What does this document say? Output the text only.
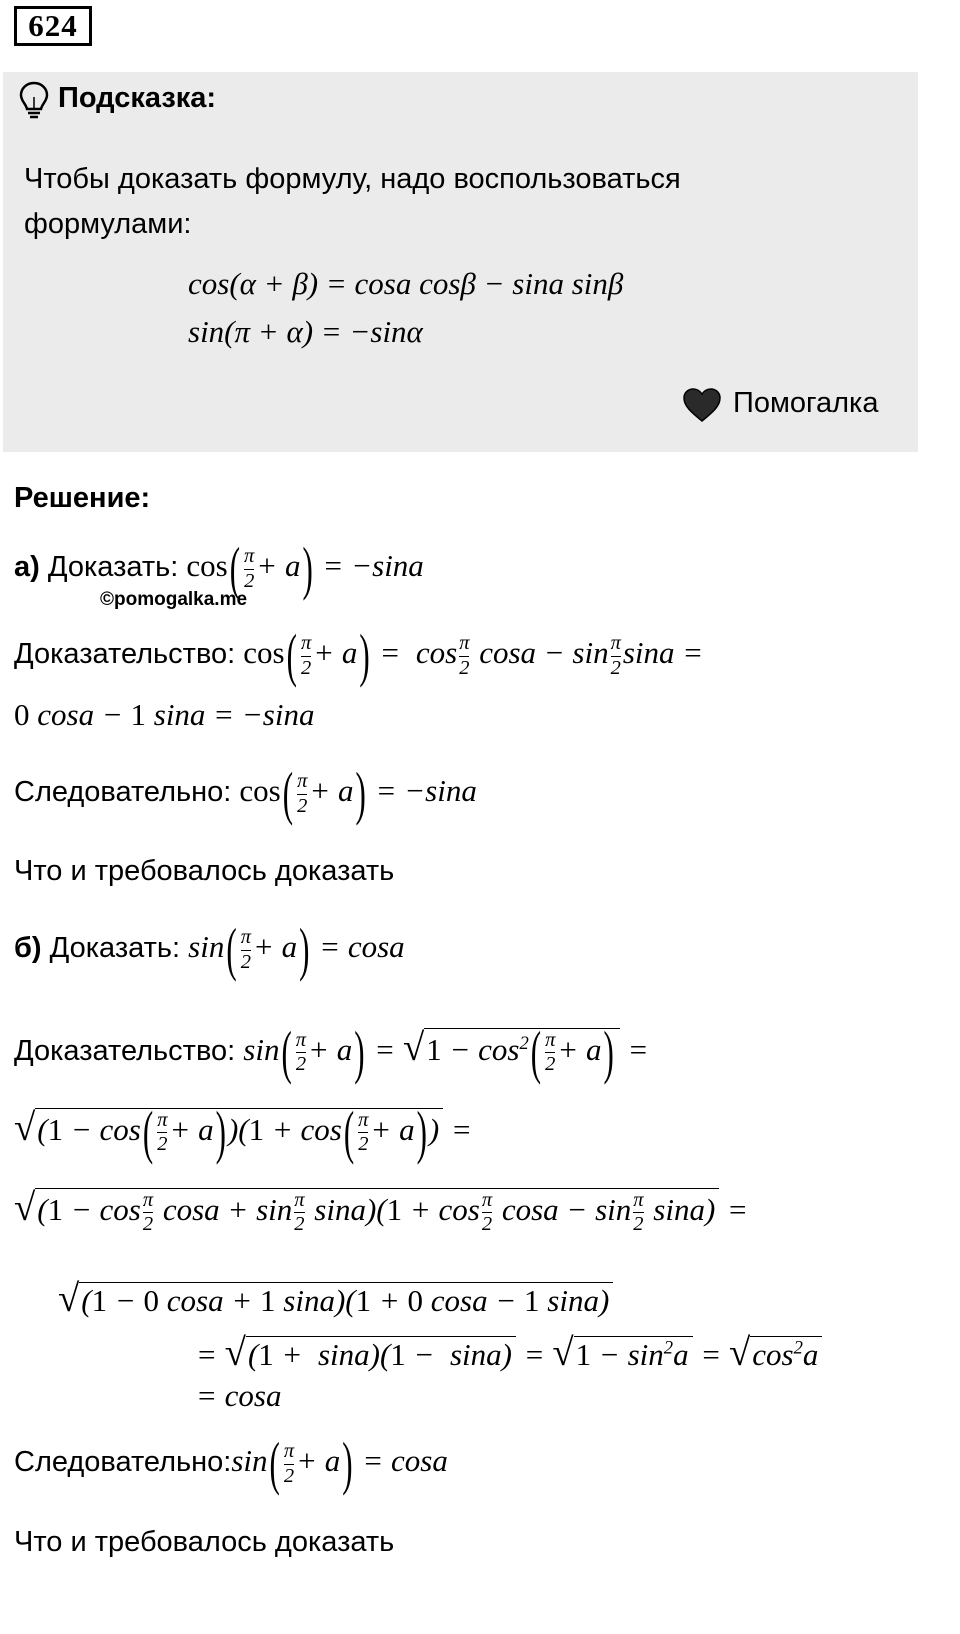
624
Подсказка:
Чтобы доказать формулу, надо воспользоваться
формулами:
cos(α + β) = cosa cosβ − sina sinβ
sin(π + α) = −sinα
Помогалка
Решение:
а) Доказать: $\cos( \frac{\pi}{2} + a) = -\sin a$
©pomogalka.me
Доказательство: $\cos( \frac{\pi}{2} + a) = \cos \frac{\pi}{2}$ $\cos a - \sin \frac{\pi}{2}$ sina =
0 cosa − 1 sina = −sina
Следовательно: $\cos( \frac{\pi}{2} + a) = -\sin a$
Что и требовалось доказать
б) Доказать: $\sin( \frac{\pi}{2} + a) = \cos a$
Доказательство: $\sin( \frac{\pi}{2} + a) = √1 - \cos^2( \frac{\pi}{2} + a)$ =
$√(1 - \cos( \frac{\pi}{2} + a))(1 + \cos( \frac{\pi}{2} + a))$ =
$√(1 - \cos \frac{\pi}{2}$ $\cos a + \sin \frac{\pi}{2} \sin a)(1 + \cos \frac{\pi}{2}$ $\cos a - \sin \frac{\pi}{2} \sin a$) =
√(1 − 0 cosa + 1 sina)(1 + 0 cosa − 1 sina)
= $√(1 + \sin a)(1 - \sin a) = √1 - \sin^2a = √\cos^2a$
= cosa
Следовательно:sin( $\frac{\pi}{2} + a) = \cos a$
Что и требовалось доказать
